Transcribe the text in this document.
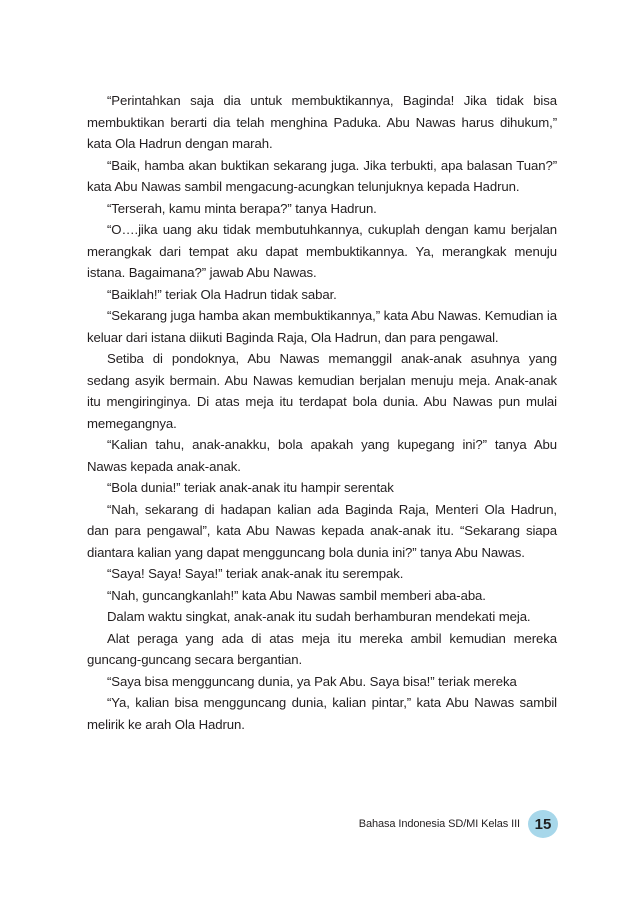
“Perintahkan saja dia untuk membuktikannya, Baginda! Jika tidak bisa membuktikan berarti dia telah menghina Paduka. Abu Nawas harus dihukum,” kata Ola Hadrun dengan marah.

“Baik, hamba akan buktikan sekarang juga. Jika terbukti, apa balasan Tuan?” kata Abu Nawas sambil mengacung-acungkan telunjuknya kepada Hadrun.

“Terserah, kamu minta berapa?” tanya Hadrun.

“O….jika uang aku tidak membutuhkannya, cukuplah dengan kamu berjalan merangkak dari tempat aku dapat membuktikannya. Ya, merangkak menuju istana. Bagaimana?” jawab Abu Nawas.

“Baiklah!” teriak Ola Hadrun tidak sabar.

“Sekarang juga hamba akan membuktikannya,” kata Abu Nawas. Kemudian ia keluar dari istana diikuti Baginda Raja, Ola Hadrun, dan para pengawal.

Setiba di pondoknya, Abu Nawas memanggil anak-anak asuhnya yang sedang asyik bermain. Abu Nawas kemudian berjalan menuju meja. Anak-anak itu mengiringinya. Di atas meja itu terdapat bola dunia. Abu Nawas pun mulai memegangnya.

“Kalian tahu, anak-anakku, bola apakah yang kupegang ini?” tanya Abu Nawas kepada anak-anak.

“Bola dunia!” teriak anak-anak itu hampir serentak

“Nah, sekarang di hadapan kalian ada Baginda Raja, Menteri Ola Hadrun, dan para pengawal”, kata Abu Nawas kepada anak-anak itu. “Sekarang siapa diantara kalian yang dapat mengguncang bola dunia ini?” tanya Abu Nawas.

“Saya! Saya! Saya!” teriak anak-anak itu serempak.

“Nah, guncangkanlah!” kata Abu Nawas sambil memberi aba-aba.

Dalam waktu singkat, anak-anak itu sudah berhamburan mendekati meja.

Alat peraga yang ada di atas meja itu mereka ambil kemudian mereka guncang-guncang secara bergantian.

“Saya bisa mengguncang dunia, ya Pak Abu. Saya bisa!” teriak mereka

“Ya, kalian bisa mengguncang dunia, kalian pintar,” kata Abu Nawas sambil melirik ke arah Ola Hadrun.

Bahasa Indonesia SD/MI Kelas III 15
